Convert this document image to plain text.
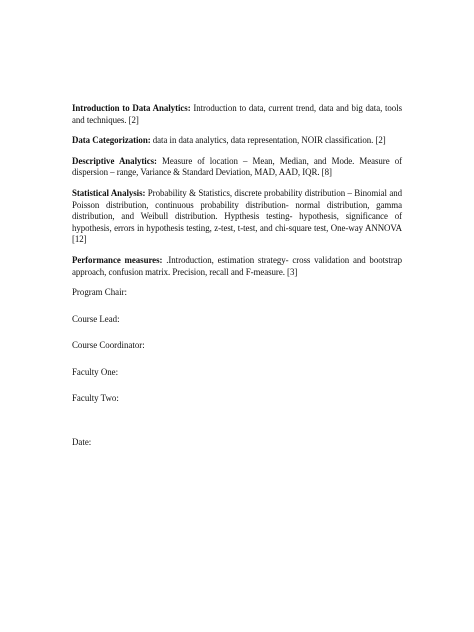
Introduction to Data Analytics: Introduction to data, current trend, data and big data, tools and techniques. [2]

Data Categorization: data in data analytics, data representation, NOIR classification. [2]

Descriptive Analytics: Measure of location – Mean, Median, and Mode. Measure of dispersion – range, Variance & Standard Deviation, MAD, AAD, IQR. [8]

Statistical Analysis: Probability & Statistics, discrete probability distribution – Binomial and Poisson distribution, continuous probability distribution- normal distribution, gamma distribution, and Weibull distribution. Hypthesis testing- hypothesis, significance of hypothesis, errors in hypothesis testing, z-test, t-test, and chi-square test, One-way ANNOVA [12]

Performance measures: .Introduction, estimation strategy- cross validation and bootstrap approach, confusion matrix. Precision, recall and F-measure. [3]

Program Chair:

Course Lead:

Course Coordinator:

Faculty One:

Faculty Two:

Date:
